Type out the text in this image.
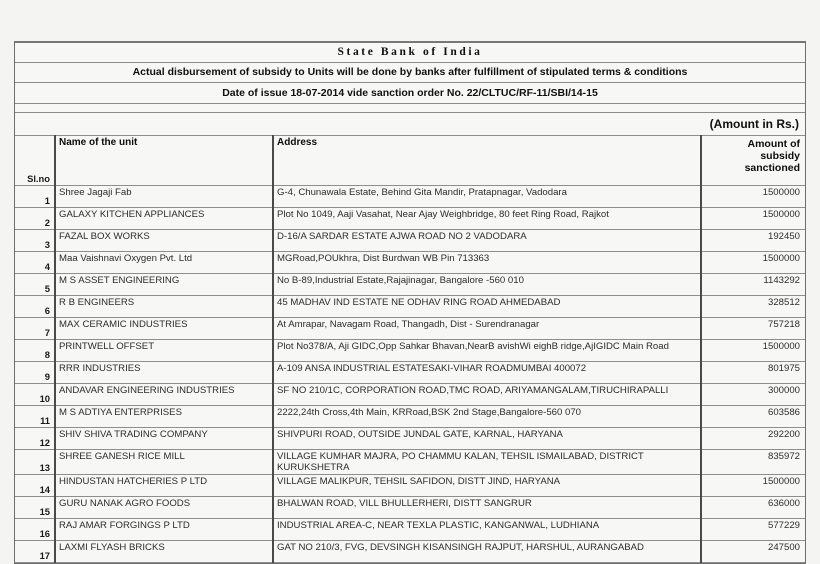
State Bank of India
Actual disbursement of subsidy to Units will be done by banks after fulfillment of stipulated terms & conditions
Date of issue 18-07-2014 vide sanction order No. 22/CLTUC/RF-11/SBI/14-15
(Amount in Rs.)
Sl.no	Name of the unit	Address	Amount of subsidy sanctioned
1	Shree Jagaji Fab	G-4, Chunawala Estate, Behind Gita Mandir, Pratapnagar, Vadodara	1500000
2	GALAXY KITCHEN APPLIANCES	Plot No 1049, Aaji Vasahat, Near Ajay Weighbridge, 80 feet Ring Road, Rajkot	1500000
3	FAZAL BOX WORKS	D-16/A SARDAR ESTATE AJWA ROAD NO 2 VADODARA	192450
4	Maa Vaishnavi Oxygen Pvt. Ltd	MGRoad,POUkhra, Dist Burdwan WB Pin 713363	1500000
5	M S ASSET ENGINEERING	No B-89,Industrial Estate,Rajajinagar, Bangalore -560 010	1143292
6	R B ENGINEERS	45 MADHAV IND ESTATE NE ODHAV RING ROAD AHMEDABAD	328512
7	MAX CERAMIC INDUSTRIES	At Amrapar, Navagam Road, Thangadh, Dist - Surendranagar	757218
8	PRINTWELL OFFSET	Plot No378/A, Aji GIDC,Opp Sahkar Bhavan,NearB avishWi eighB ridge,AjIGIDC Main Road	1500000
9	RRR INDUSTRIES	A-109 ANSA INDUSTRIAL ESTATESAKI-VIHAR ROADMUMBAI 400072	801975
10	ANDAVAR ENGINEERING INDUSTRIES	SF NO 210/1C, CORPORATION ROAD,TMC ROAD, ARIYAMANGALAM,TIRUCHIRAPALLI	300000
11	M S ADTIYA ENTERPRISES	2222,24th Cross,4th Main, KRRoad,BSK 2nd Stage,Bangalore-560 070	603586
12	SHIV SHIVA TRADING COMPANY	SHIVPURI ROAD, OUTSIDE JUNDAL GATE, KARNAL, HARYANA	292200
13	SHREE GANESH RICE MILL	VILLAGE KUMHAR MAJRA, PO CHAMMU KALAN, TEHSIL ISMAILABAD, DISTRICT KURUKSHETRA	835972
14	HINDUSTAN HATCHERIES P LTD	VILLAGE MALIKPUR, TEHSIL SAFIDON, DISTT JIND, HARYANA	1500000
15	GURU NANAK AGRO FOODS	BHALWAN ROAD, VILL BHULLERHERI, DISTT SANGRUR	636000
16	RAJ AMAR FORGINGS P LTD	INDUSTRIAL AREA-C, NEAR TEXLA PLASTIC, KANGANWAL, LUDHIANA	577229
17	LAXMI FLYASH BRICKS	GAT NO 210/3, FVG, DEVSINGH KISANSINGH RAJPUT, HARSHUL, AURANGABAD	247500
